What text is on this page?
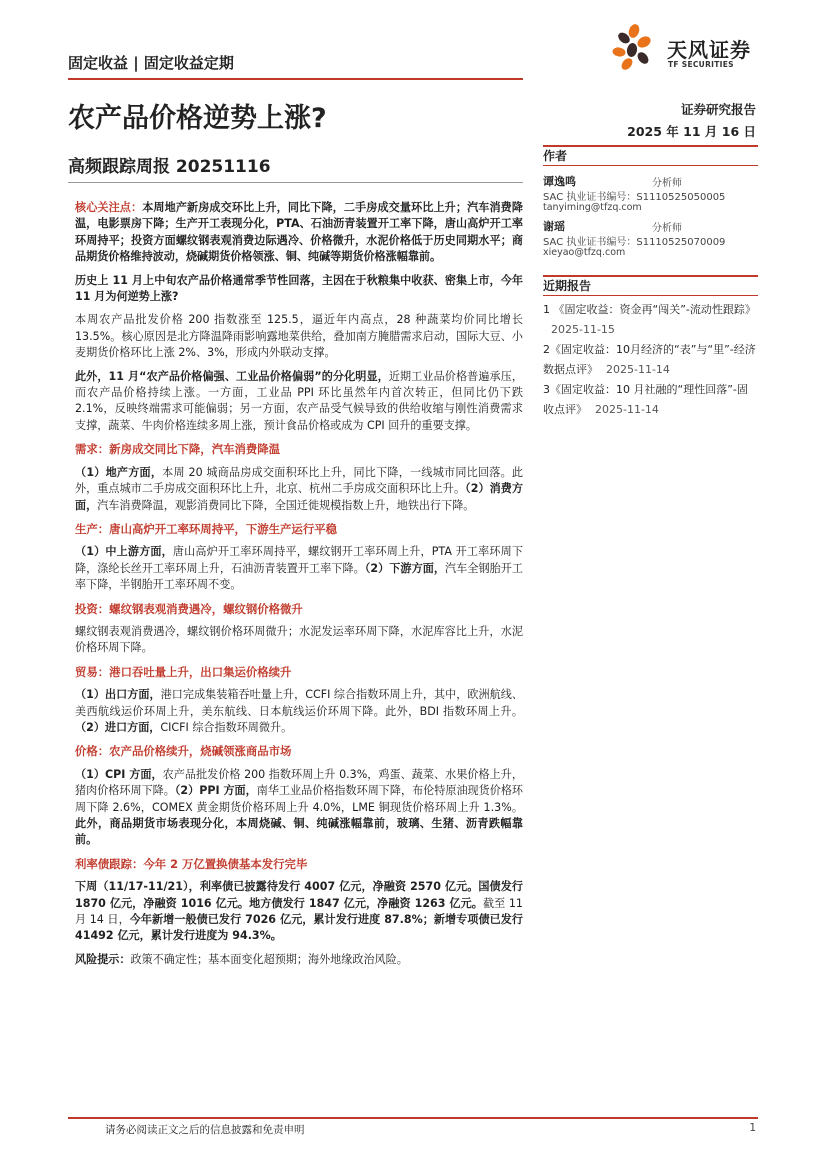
固定收益 | 固定收益定期
农产品价格逆势上涨?
高频跟踪周报 20251116
天风证券
TF SECURITIES
证券研究报告
2025 年 11 月 16 日
作者
谭逸鸣	分析师
SAC 执业证书编号：S1110525050005
tanyiming@tfzq.com
谢瑶	分析师
SAC 执业证书编号：S1110525070009
xieyao@tfzq.com
近期报告
1 《固定收益：资金再“闯关”-流动性跟踪》2025-11-15
2《固定收益：10月经济的“表”与“里”-经济数据点评》 2025-11-14
3《固定收益：10 月社融的“理性回落”-固收点评》 2025-11-14

核心关注点：本周地产新房成交环比上升，同比下降，二手房成交量环比上升；汽车消费降温，电影票房下降；生产开工表现分化，PTA、石油沥青装置开工率下降，唐山高炉开工率环周持平；投资方面螺纹钢表观消费边际遇冷、价格微升，水泥价格低于历史同期水平；商品期货价格维持波动，烧碱期货价格领涨、铜、纯碱等期货价格涨幅靠前。

历史上 11 月上中旬农产品价格通常季节性回落，主因在于秋粮集中收获、密集上市，今年 11 月为何逆势上涨?

本周农产品批发价格 200 指数涨至 125.5，逼近年内高点，28 种蔬菜均价同比增长 13.5%。核心原因是北方降温降雨影响露地菜供给，叠加南方腌腊需求启动，国际大豆、小麦期货价格环比上涨 2%、3%，形成内外联动支撑。

此外，11 月“农产品价格偏强、工业品价格偏弱”的分化明显，近期工业品价格普遍承压，而农产品价格持续上涨。一方面，工业品 PPI 环比虽然年内首次转正，但同比仍下跌 2.1%，反映终端需求可能偏弱；另一方面，农产品受气候导致的供给收缩与刚性消费需求支撑，蔬菜、牛肉价格连续多周上涨，预计食品价格或成为 CPI 回升的重要支撑。

需求：新房成交同比下降，汽车消费降温

（1）地产方面，本周 20 城商品房成交面积环比上升，同比下降，一线城市同比回落。此外，重点城市二手房成交面积环比上升，北京、杭州二手房成交面积环比上升。（2）消费方面，汽车消费降温，观影消费同比下降，全国迁徙规模指数上升，地铁出行下降。

生产：唐山高炉开工率环周持平，下游生产运行平稳

（1）中上游方面，唐山高炉开工率环周持平，螺纹钢开工率环周上升，PTA 开工率环周下降，涤纶长丝开工率环周上升，石油沥青装置开工率下降。（2）下游方面，汽车全钢胎开工率下降，半钢胎开工率环周不变。

投资：螺纹钢表观消费遇冷，螺纹钢价格微升

螺纹钢表观消费遇冷，螺纹钢价格环周微升；水泥发运率环周下降，水泥库容比上升，水泥价格环周下降。

贸易：港口吞吐量上升，出口集运价格续升

（1）出口方面，港口完成集装箱吞吐量上升，CCFI 综合指数环周上升，其中，欧洲航线、美西航线运价环周上升，美东航线、日本航线运价环周下降。此外，BDI 指数环周上升。（2）进口方面，CICFI 综合指数环周微升。

价格：农产品价格续升，烧碱领涨商品市场

（1）CPI 方面，农产品批发价格 200 指数环周上升 0.3%，鸡蛋、蔬菜、水果价格上升，猪肉价格环周下降。（2）PPI 方面，南华工业品价格指数环周下降，布伦特原油现货价格环周下降 2.6%，COMEX 黄金期货价格环周上升 4.0%，LME 铜现货价格环周上升 1.3%。此外，商品期货市场表现分化，本周烧碱、铜、纯碱涨幅靠前，玻璃、生猪、沥青跌幅靠前。

利率债跟踪：今年 2 万亿置换债基本发行完毕

下周（11/17-11/21），利率债已披露待发行 4007 亿元，净融资 2570 亿元。国债发行 1870 亿元，净融资 1016 亿元。地方债发行 1847 亿元，净融资 1263 亿元。截至 11 月 14 日，今年新增一般债已发行 7026 亿元，累计发行进度 87.8%；新增专项债已发行 41492 亿元，累计发行进度为 94.3%。

风险提示：政策不确定性；基本面变化超预期；海外地缘政治风险。

请务必阅读正文之后的信息披露和免责申明	1
